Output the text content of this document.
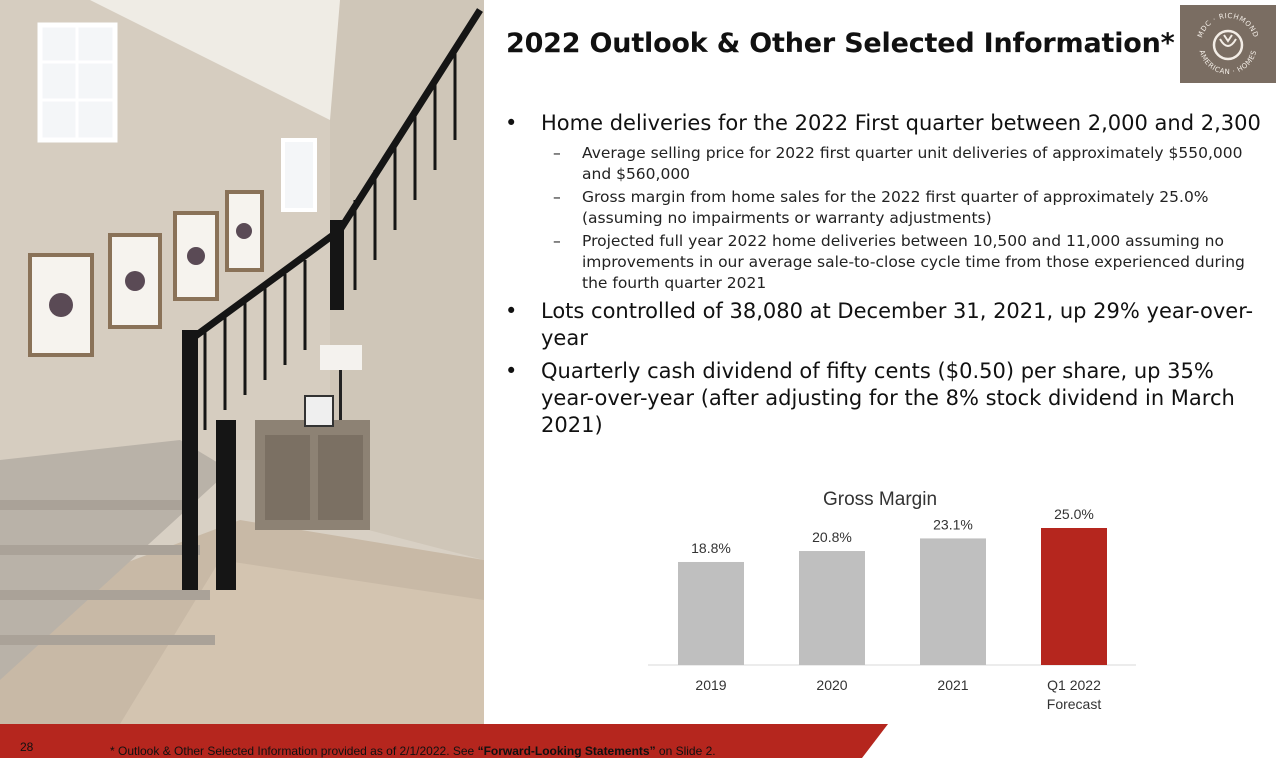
2022 Outlook & Other Selected Information*	MDC · RICHMOND
AMERICAN · HOMES
• Home deliveries for the 2022 First quarter between 2,000 and 2,300
– Average selling price for 2022 first quarter unit deliveries of approximately $550,000 and $560,000
– Gross margin from home sales for the 2022 first quarter of approximately 25.0% (assuming no impairments or warranty adjustments)
– Projected full year 2022 home deliveries between 10,500 and 11,000 assuming no improvements in our average sale-to-close cycle time from those experienced during the fourth quarter 2021
• Lots controlled of 38,080 at December 31, 2021, up 29% year-over-year
• Quarterly cash dividend of fifty cents ($0.50) per share, up 35% year-over-year (after adjusting for the 8% stock dividend in March 2021)
Gross Margin
18.8%
2019
20.8%
2020
23.1%
2021
25.0%
Q1 2022
Forecast
28	* Outlook & Other Selected Information provided as of 2/1/2022. See “Forward-Looking Statements” on Slide 2.
